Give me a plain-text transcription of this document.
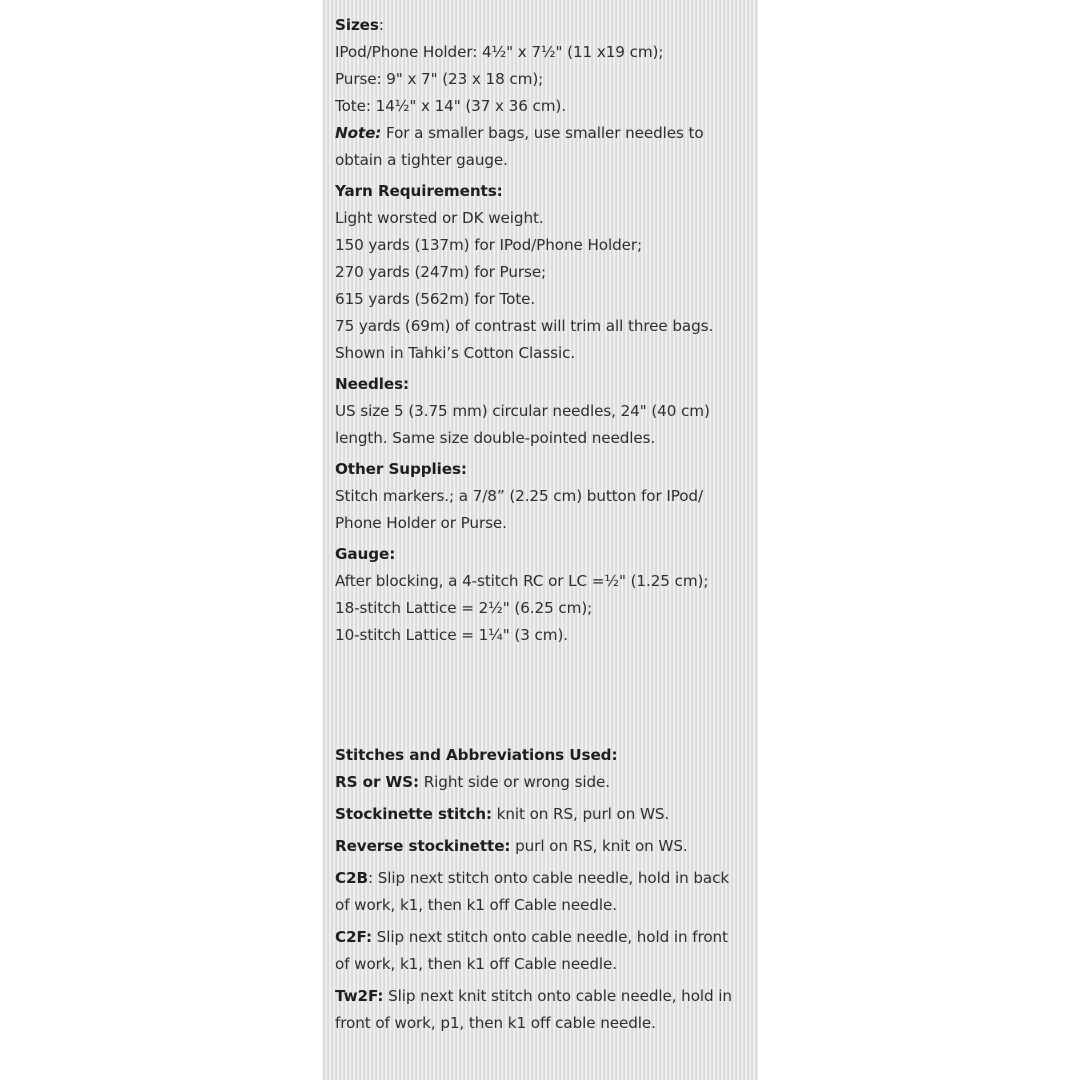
Sizes:
IPod/Phone Holder: 4½" x 7½" (11 x19 cm);
Purse: 9" x 7" (23 x 18 cm);
Tote: 14½" x 14" (37 x 36 cm).
Note: For a smaller bags, use smaller needles to
obtain a tighter gauge.
Yarn Requirements:
Light worsted or DK weight.
150 yards (137m) for IPod/Phone Holder;
270 yards (247m) for Purse;
615 yards (562m) for Tote.
75 yards (69m) of contrast will trim all three bags.
Shown in Tahki’s Cotton Classic.
Needles:
US size 5 (3.75 mm) circular needles, 24" (40 cm)
length. Same size double-pointed needles.
Other Supplies:
Stitch markers.; a 7/8” (2.25 cm) button for IPod/
Phone Holder or Purse.
Gauge:
After blocking, a 4-stitch RC or LC =½" (1.25 cm);
18-stitch Lattice = 2½" (6.25 cm);
10-stitch Lattice = 1¼" (3 cm).
Stitches and Abbreviations Used:
RS or WS: Right side or wrong side.
Stockinette stitch: knit on RS, purl on WS.
Reverse stockinette: purl on RS, knit on WS.
C2B: Slip next stitch onto cable needle, hold in back
of work, k1, then k1 off Cable needle.
C2F: Slip next stitch onto cable needle, hold in front
of work, k1, then k1 off Cable needle.
Tw2F: Slip next knit stitch onto cable needle, hold in
front of work, p1, then k1 off cable needle.
